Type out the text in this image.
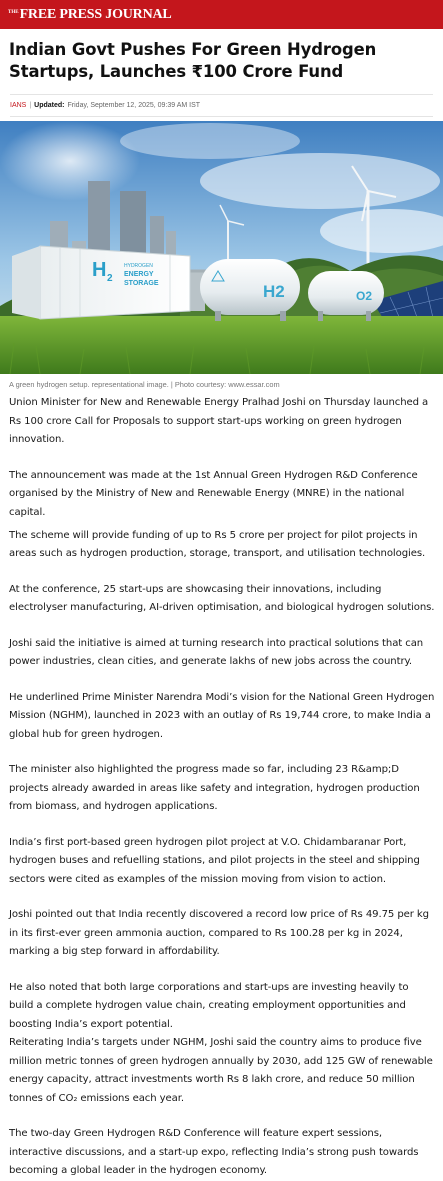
THE FREE PRESS JOURNAL
Indian Govt Pushes For Green Hydrogen Startups, Launches ₹100 Crore Fund
IANS | Updated: Friday, September 12, 2025, 09:39 AM IST
H 2
HYDROGEN
ENERGY
STORAGE	H2	O2
A green hydrogen setup. representational image. | Photo courtesy: www.essar.com

Union Minister for New and Renewable Energy Pralhad Joshi on Thursday launched a Rs 100 crore Call for Proposals to support start-ups working on green hydrogen innovation.

The announcement was made at the 1st Annual Green Hydrogen R&D Conference organised by the Ministry of New and Renewable Energy (MNRE) in the national capital.

The scheme will provide funding of up to Rs 5 crore per project for pilot projects in areas such as hydrogen production, storage, transport, and utilisation technologies.

At the conference, 25 start-ups are showcasing their innovations, including electrolyser manufacturing, AI-driven optimisation, and biological hydrogen solutions.

Joshi said the initiative is aimed at turning research into practical solutions that can power industries, clean cities, and generate lakhs of new jobs across the country.

He underlined Prime Minister Narendra Modi’s vision for the National Green Hydrogen Mission (NGHM), launched in 2023 with an outlay of Rs 19,744 crore, to make India a global hub for green hydrogen.

The minister also highlighted the progress made so far, including 23 R&amp;D projects already awarded in areas like safety and integration, hydrogen production from biomass, and hydrogen applications.

India’s first port-based green hydrogen pilot project at V.O. Chidambaranar Port, hydrogen buses and refuelling stations, and pilot projects in the steel and shipping sectors were cited as examples of the mission moving from vision to action.

Joshi pointed out that India recently discovered a record low price of Rs 49.75 per kg in its first-ever green ammonia auction, compared to Rs 100.28 per kg in 2024, marking a big step forward in affordability.

He also noted that both large corporations and start-ups are investing heavily to build a complete hydrogen value chain, creating employment opportunities and boosting India’s export potential.

Reiterating India’s targets under NGHM, Joshi said the country aims to produce five million metric tonnes of green hydrogen annually by 2030, add 125 GW of renewable energy capacity, attract investments worth Rs 8 lakh crore, and reduce 50 million tonnes of CO₂ emissions each year.

The two-day Green Hydrogen R&D Conference will feature expert sessions, interactive discussions, and a start-up expo, reflecting India’s strong push towards becoming a global leader in the hydrogen economy.
